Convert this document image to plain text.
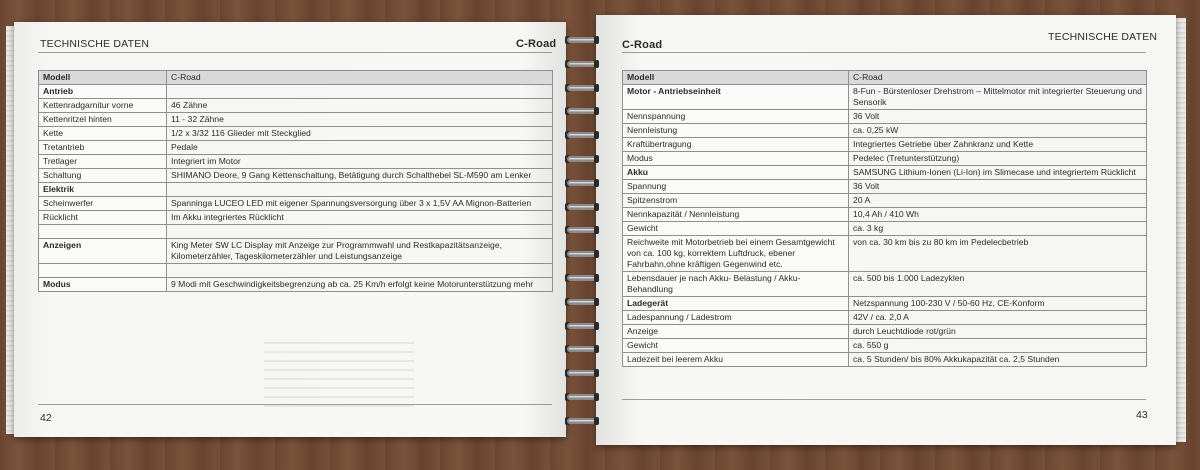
TECHNISCHE DATEN	C-Road
Modell	C-Road
Antrieb	
Kettenradgarnitur vorne	46 Zähne
Kettenritzel hinten	11 - 32 Zähne
Kette	1/2 x 3/32 116 Glieder mit Steckglied
Tretantrieb	Pedale
Tretlager	Integriert im Motor
Schaltung	SHIMANO Deore, 9 Gang Kettenschaltung, Betätigung durch Schalthebel SL-M590 am Lenker
Elektrik	
Scheinwerfer	Spanninga LUCEO LED mit eigener Spannungsversorgung über 3 x 1,5V AA Mignon-Batterien
Rücklicht	Im Akku integriertes Rücklicht

Anzeigen	King Meter SW LC Display mit Anzeige zur Programmwahl und Restkapazitätsanzeige, Kilometerzähler, Tageskilometerzähler und Leistungsanzeige

Modus	9 Modi mit Geschwindigkeitsbegrenzung ab ca. 25 Km/h erfolgt keine Motorunterstützung mehr
42
C-Road
TECHNISCHE DATEN
Modell	C-Road
Motor - Antriebseinheit	8-Fun - Bürstenloser Drehstrom – Mittelmotor mit integrierter Steuerung und Sensorik
Nennspannung	36 Volt
Nennleistung	ca. 0,25 kW
Kraftübertragung	Integriertes Getriebe über Zahnkranz und Kette
Modus	Pedelec (Tretunterstützung)
Akku	SAMSUNG Lithium-Ionen (Li-Ion) im Slimecase und integriertem Rücklicht
Spannung	36 Volt
Spitzenstrom	20 A
Nennkapazität / Nennleistung	10,4 Ah / 410 Wh
Gewicht	ca. 3 kg
Reichweite mit Motorbetrieb bei einem Gesamtgewicht von ca. 100 kg, korrektem Luftdruck, ebener Fahrbahn,ohne kräftigen Gegenwind etc.	von ca. 30 km bis zu 80 km im Pedelecbetrieb
Lebensdauer je nach Akku- Belastung / Akku- Behandlung	ca. 500 bis 1.000 Ladezyklen
Ladegerät	Netzspannung 100-230 V / 50-60 Hz, CE-Konform
Ladespannung / Ladestrom	42V / ca. 2,0 A
Anzeige	durch Leuchtdiode rot/grün
Gewicht	ca. 550 g
Ladezeit bei leerem Akku	ca. 5 Stunden/ bis 80% Akkukapazität ca. 2,5 Stunden
43
